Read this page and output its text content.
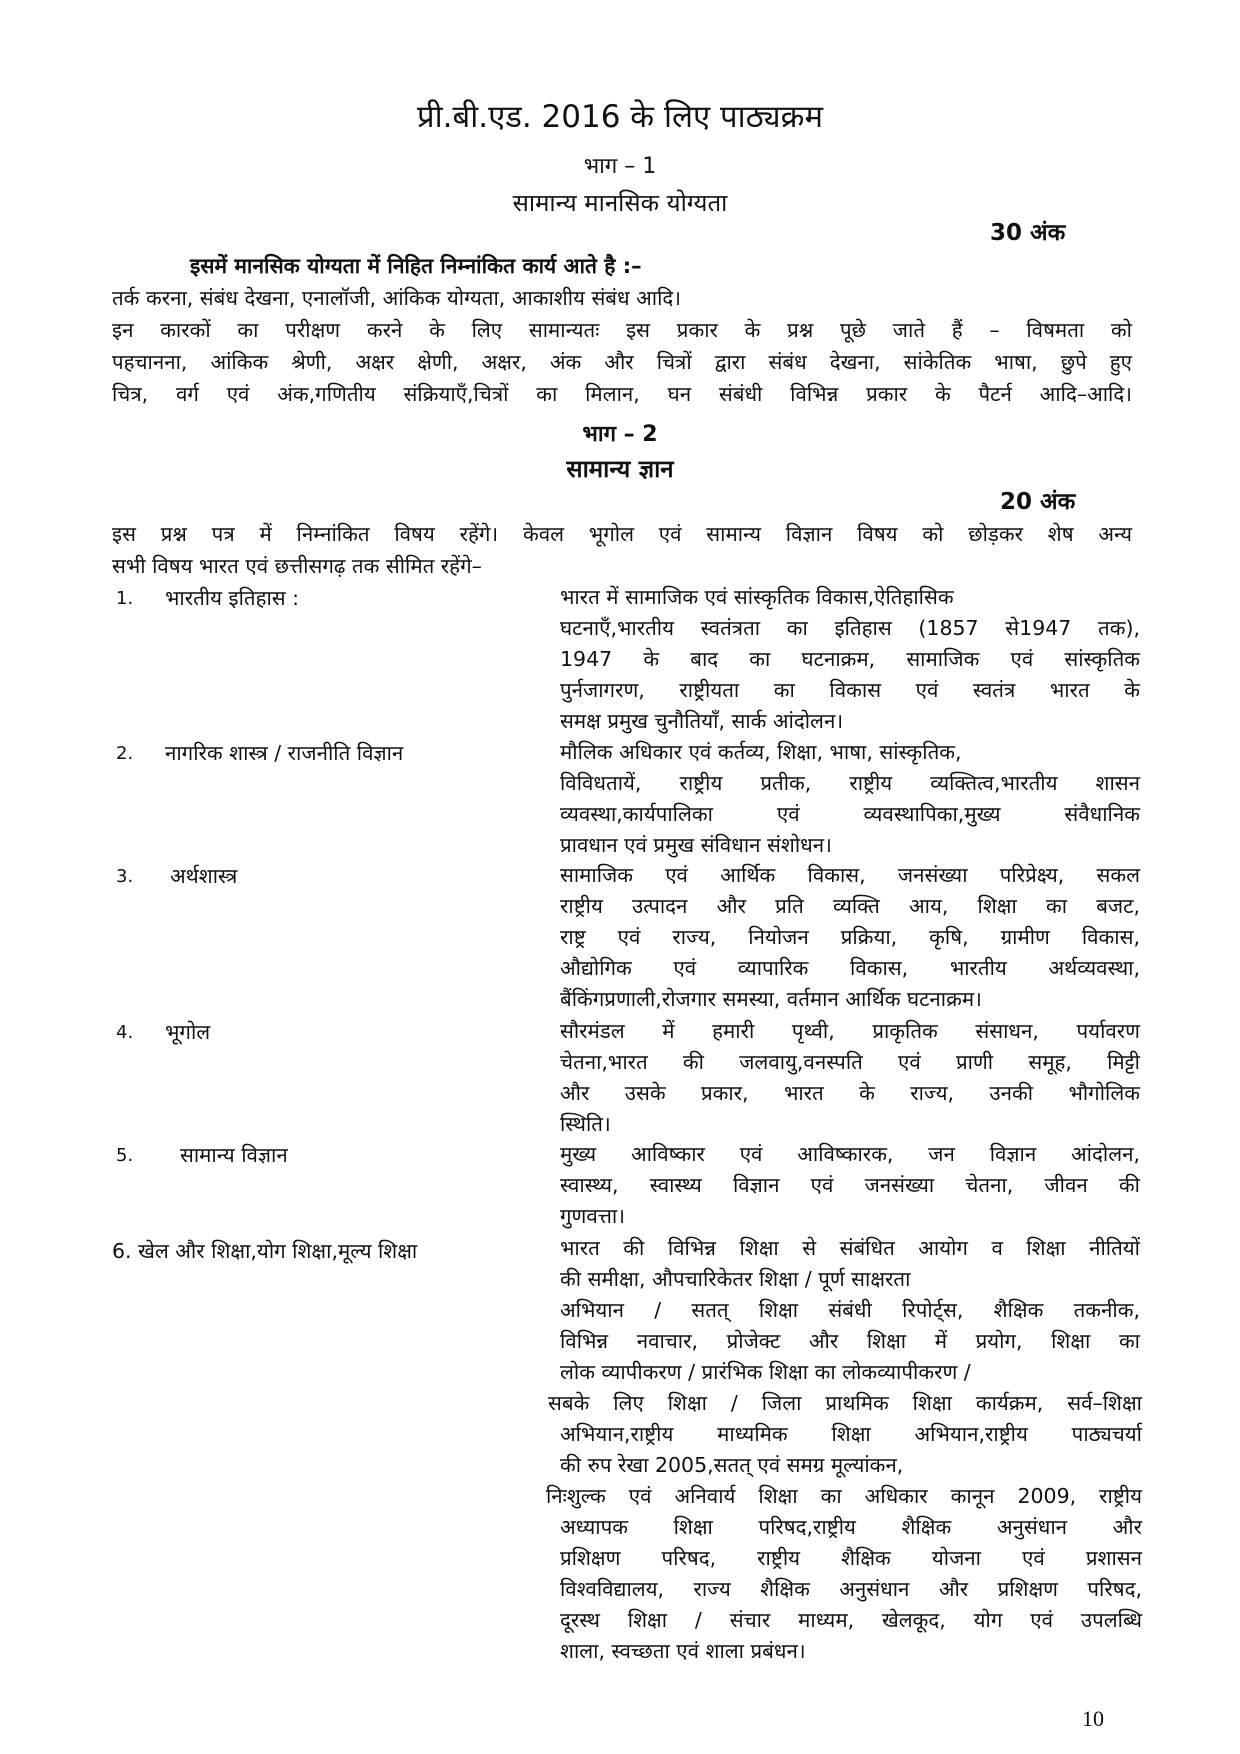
प्री.बी.एड. 2016 के लिए पाठ्यक्रम
भाग – 1
सामान्य मानसिक योग्यता
30 अंक
इसमें मानसिक योग्यता में निहित निम्नांकित कार्य आते है :–
तर्क करना, संबंध देखना, एनालॉजी, आंकिक योग्यता, आकाशीय संबंध आदि।
इन कारकों का परीक्षण करने के लिए सामान्यतः इस प्रकार के प्रश्न पूछे जाते हैं – विषमता को
पहचानना, आंकिक श्रेणी, अक्षर क्षेणी, अक्षर, अंक और चित्रों द्वारा संबंध देखना, सांकेतिक भाषा, छुपे हुए
चित्र, वर्ग एवं अंक,गणितीय संक्रियाएँ,चित्रों का मिलान, घन संबंधी विभिन्न प्रकार के पैटर्न आदि–आदि।
भाग – 2
सामान्य ज्ञान
20 अंक
इस प्रश्न पत्र में निम्नांकित विषय रहेंगे। केवल भूगोल एवं सामान्य विज्ञान विषय को छोड़कर शेष अन्य
सभी विषय भारत एवं छत्तीसगढ़ तक सीमित रहेंगे–
1. भारतीय इतिहास :	भारत में सामाजिक एवं सांस्कृतिक विकास,ऐतिहासिक

घटनाएँ,भारतीय स्वतंत्रता का इतिहास (1857 से1947 तक),

1947 के बाद का घटनाक्रम, सामाजिक एवं सांस्कृतिक

पुर्नजागरण, राष्ट्रीयता का विकास एवं स्वतंत्र भारत के

समक्ष प्रमुख चुनौतियाँ, सार्क आंदोलन।

2. नागरिक शास्त्र / राजनीति विज्ञान	मौलिक अधिकार एवं कर्तव्य, शिक्षा, भाषा, सांस्कृतिक,

विविधतायें, राष्ट्रीय प्रतीक, राष्ट्रीय व्यक्तित्व,भारतीय शासन

व्यवस्था,कार्यपालिका एवं व्यवस्थापिका,मुख्य संवैधानिक

प्रावधान एवं प्रमुख संविधान संशोधन।

3. अर्थशास्त्र	सामाजिक एवं आर्थिक विकास, जनसंख्या परिप्रेक्ष्य, सकल

राष्ट्रीय उत्पादन और प्रति व्यक्ति आय, शिक्षा का बजट,

राष्ट्र एवं राज्य, नियोजन प्रक्रिया, कृषि, ग्रामीण विकास,

औद्योगिक एवं व्यापारिक विकास, भारतीय अर्थव्यवस्था,

बैंकिंगप्रणाली,रोजगार समस्या, वर्तमान आर्थिक घटनाक्रम।

4. भूगोल	सौरमंडल में हमारी पृथ्वी, प्राकृतिक संसाधन, पर्यावरण

चेतना,भारत की जलवायु,वनस्पति एवं प्राणी समूह, मिट्टी

और उसके प्रकार, भारत के राज्य, उनकी भौगोलिक

स्थिति।

5. सामान्य विज्ञान	मुख्य आविष्कार एवं आविष्कारक, जन विज्ञान आंदोलन,

स्वास्थ्य, स्वास्थ्य विज्ञान एवं जनसंख्या चेतना, जीवन की

गुणवत्ता।

6. खेल और शिक्षा,योग शिक्षा,मूल्य शिक्षा	भारत की विभिन्न शिक्षा से संबंधित आयोग व शिक्षा नीतियों

की समीक्षा, औपचारिकेतर शिक्षा / पूर्ण साक्षरता

अभियान / सतत् शिक्षा संबंधी रिपोर्ट्स, शैक्षिक तकनीक,

विभिन्न नवाचार, प्रोजेक्ट और शिक्षा में प्रयोग, शिक्षा का

लोक व्यापीकरण / प्रारंभिक शिक्षा का लोकव्यापीकरण /

सबके लिए शिक्षा / जिला प्राथमिक शिक्षा कार्यक्रम, सर्व–शिक्षा

अभियान,राष्ट्रीय माध्यमिक शिक्षा अभियान,राष्ट्रीय पाठ्यचर्या

की रुप रेखा 2005,सतत् एवं समग्र मूल्यांकन,

निःशुल्क एवं अनिवार्य शिक्षा का अधिकार कानून 2009, राष्ट्रीय

अध्यापक शिक्षा परिषद,राष्ट्रीय शैक्षिक अनुसंधान और

प्रशिक्षण परिषद, राष्ट्रीय शैक्षिक योजना एवं प्रशासन

विश्वविद्यालय, राज्य शैक्षिक अनुसंधान और प्रशिक्षण परिषद,

दूरस्थ शिक्षा / संचार माध्यम, खेलकूद, योग एवं उपलब्धि

शाला, स्वच्छता एवं शाला प्रबंधन।

10
